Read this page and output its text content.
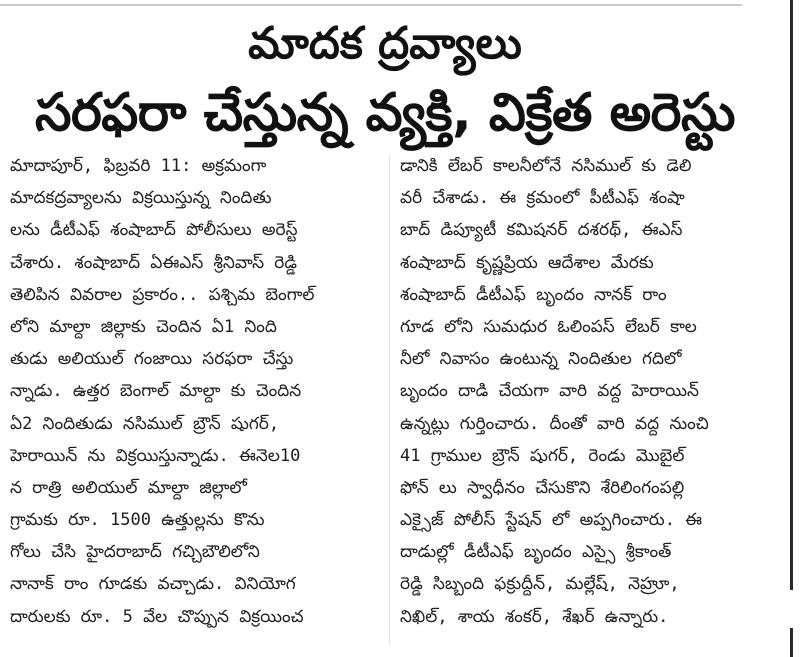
మాదక ద్రవ్యాలు
సరఫరా చేస్తున్న వ్యక్తి, విక్రేత అరెస్టు
మాదాపూర్, ఫిబ్రవరి 11: అక్రమంగా
మాదకద్రవ్యాలను విక్రయిస్తున్న నిందితు
లను డీటీఎఫ్ శంషాబాద్ పోలీసులు అరెస్ట్
చేశారు. శంషాబాద్ ఏఈఎస్ శ్రీనివాస్ రెడ్డి
తెలిపిన వివరాల ప్రకారం.. పశ్చిమ బెంగాల్
లోని మాల్దా జిల్లాకు చెందిన ఏ1 నింది
తుడు అలియుల్ గంజాయి సరఫరా చేస్తు
న్నాడు. ఉత్తర బెంగాల్ మాల్దా కు చెందిన
ఏ2 నిందితుడు నసిముల్ బ్రౌన్ షుగర్,
హెరాయిన్ ను విక్రయిస్తున్నాడు. ఈనెల10
న రాత్రి అలియుల్ మాల్దా జిల్లాలో
గ్రామకు రూ. 1500 ఉత్తుల్లను కొను
గోలు చేసి హైదరాబాద్ గచ్చిబౌలిలోని
నానాక్ రాం గూడకు వచ్చాడు. వినియోగ
దారులకు రూ. 5 వేల చొప్పున విక్రయించ
డానికి లేబర్ కాలనీలోనే నసిముల్ కు డెలి
వరీ చేశాడు. ఈ క్రమంలో పీటీఎఫ్ శంషా
బాద్ డిప్యూటీ కమిషనర్ దశరథ్, ఈఎస్
శంషాబాద్ కృష్ణప్రియ ఆదేశాల మేరకు
శంషాబాద్ డీటీఎఫ్ బృందం నానక్ రాం
గూడ లోని సుమధుర ఓలింపస్ లేబర్ కాల
నీలో నివాసం ఉంటున్న నిందితుల గదిలో
బృందం దాడి చేయగా వారి వద్ద హెరాయిన్
ఉన్నట్లు గుర్తించారు. దీంతో వారి వద్ద నుంచి
41 గ్రాముల బ్రౌన్ షుగర్, రెండు మొబైల్
ఫోన్ లు స్వాధీనం చేసుకొని శేరిలింగంపల్లి
ఎక్సైజ్ పోలీస్ స్టేషన్ లో అప్పగించారు. ఈ
దాడుల్లో డీటీఎఫ్ బృందం ఎస్సై శ్రీకాంత్
రెడ్డి సిబ్బంది ఫక్రుద్దీన్, మల్లేష్, నెహ్రూ,
నిఖిల్, శాయ శంకర్, శేఖర్ ఉన్నారు.
